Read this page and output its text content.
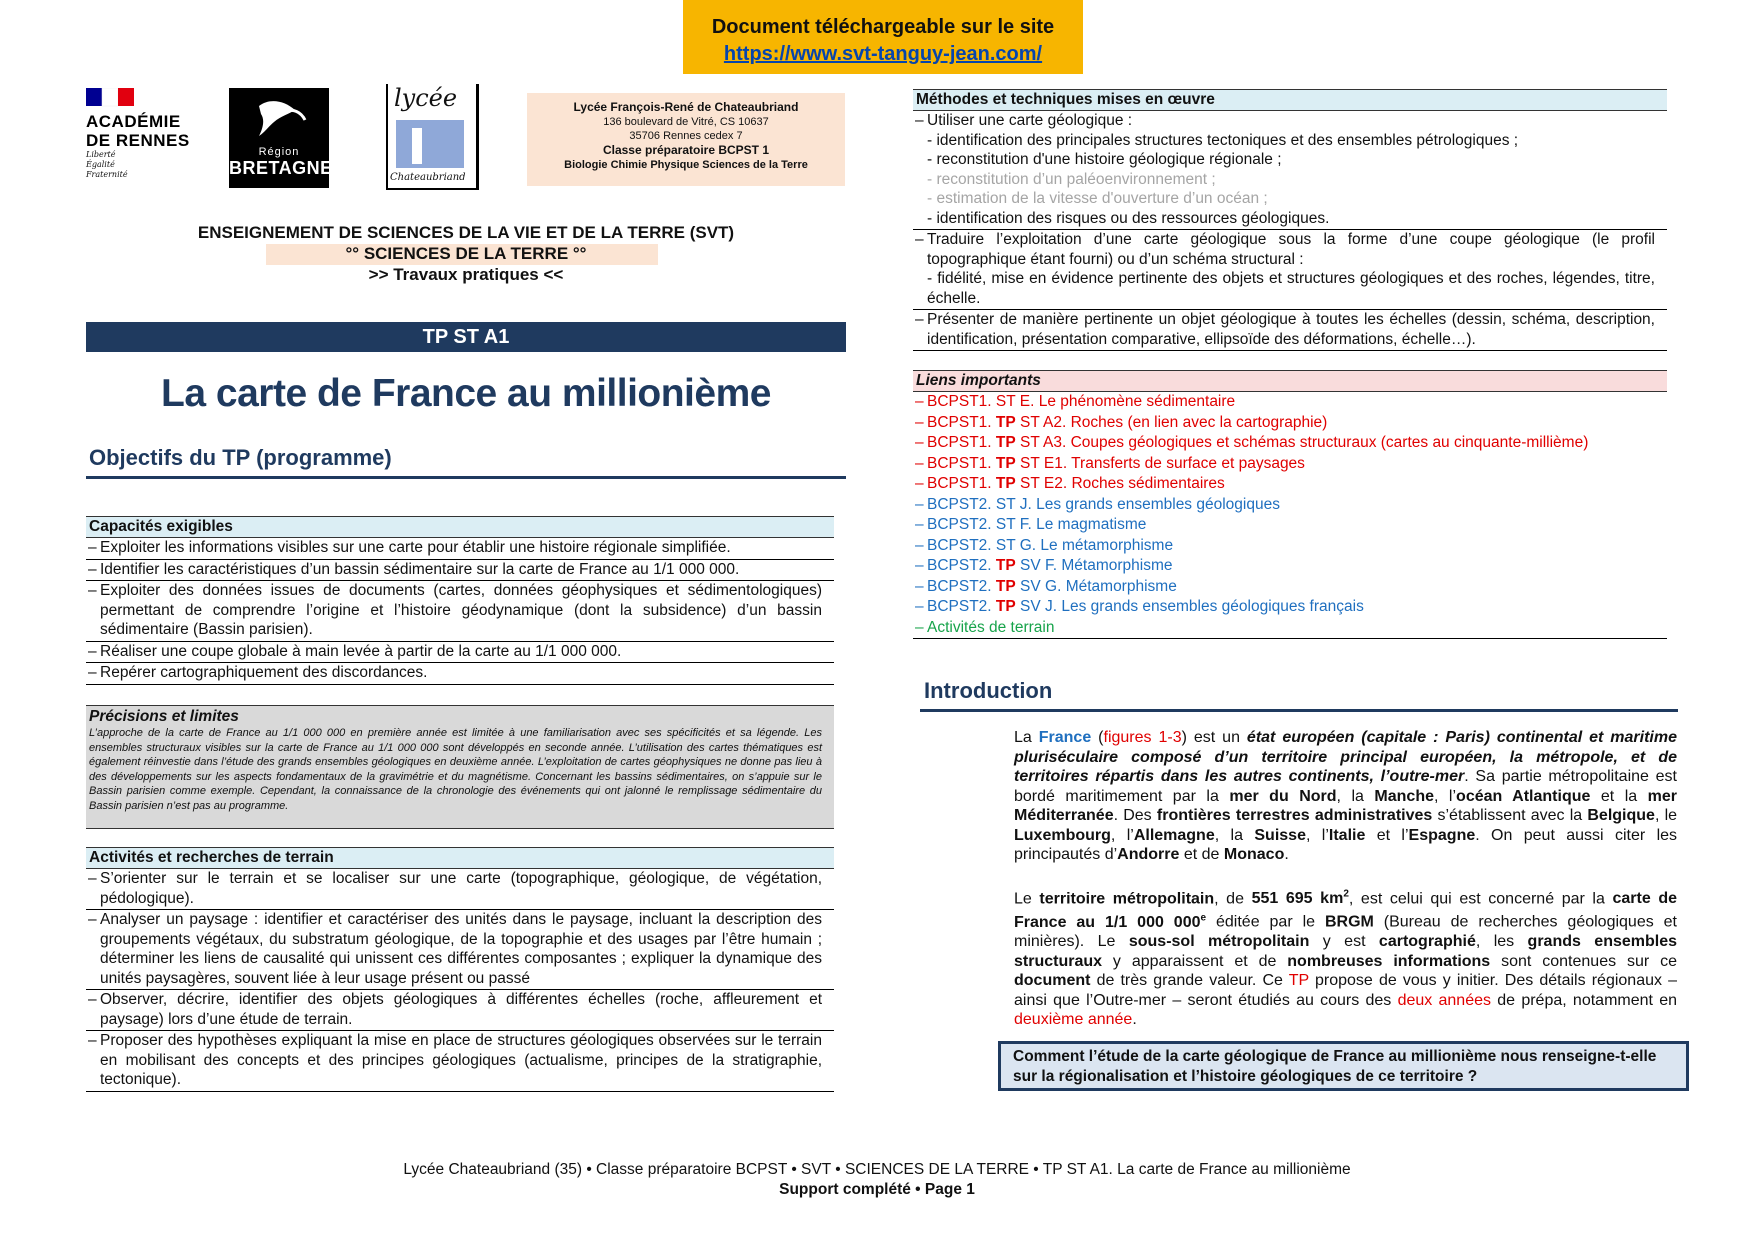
Document téléchargeable sur le site
https://www.svt-tanguy-jean.com/
ACADÉMIE
DE RENNES
Liberté
Égalité
Fraternité
Région
BRETAGNE
lycée
Chateaubriand
Lycée François-René de Chateaubriand
136 boulevard de Vitré, CS 10637
35706 Rennes cedex 7
Classe préparatoire BCPST 1
Biologie Chimie Physique Sciences de la Terre
ENSEIGNEMENT DE SCIENCES DE LA VIE ET DE LA TERRE (SVT)
°° SCIENCES DE LA TERRE °°
>> Travaux pratiques <<
TP ST A1
La carte de France au millionième
Objectifs du TP (programme)
Capacités exigibles
– Exploiter les informations visibles sur une carte pour établir une histoire régionale simplifiée.
– Identifier les caractéristiques d’un bassin sédimentaire sur la carte de France au 1/1 000 000.
– Exploiter des données issues de documents (cartes, données géophysiques et sédimentologiques) permettant de comprendre l’origine et l’histoire géodynamique (dont la subsidence) d’un bassin sédimentaire (Bassin parisien).
– Réaliser une coupe globale à main levée à partir de la carte au 1/1 000 000.
– Repérer cartographiquement des discordances.
Précisions et limites
L’approche de la carte de France au 1/1 000 000 en première année est limitée à une familiarisation avec ses spécificités et sa légende. Les ensembles structuraux visibles sur la carte de France au 1/1 000 000 sont développés en seconde année. L’utilisation des cartes thématiques est également réinvestie dans l’étude des grands ensembles géologiques en deuxième année. L’exploitation de cartes géophysiques ne donne pas lieu à des développements sur les aspects fondamentaux de la gravimétrie et du magnétisme. Concernant les bassins sédimentaires, on s’appuie sur le Bassin parisien comme exemple. Cependant, la connaissance de la chronologie des événements qui ont jalonné le remplissage sédimentaire du Bassin parisien n’est pas au programme.
Activités et recherches de terrain
– S’orienter sur le terrain et se localiser sur une carte (topographique, géologique, de végétation, pédologique).
– Analyser un paysage : identifier et caractériser des unités dans le paysage, incluant la description des groupements végétaux, du substratum géologique, de la topographie et des usages par l’être humain ; déterminer les liens de causalité qui unissent ces différentes composantes ; expliquer la dynamique des unités paysagères, souvent liée à leur usage présent ou passé
– Observer, décrire, identifier des objets géologiques à différentes échelles (roche, affleurement et paysage) lors d’une étude de terrain.
– Proposer des hypothèses expliquant la mise en place de structures géologiques observées sur le terrain en mobilisant des concepts et des principes géologiques (actualisme, principes de la stratigraphie, tectonique).
Méthodes et techniques mises en œuvre
– Utiliser une carte géologique :
- identification des principales structures tectoniques et des ensembles pétrologiques ;
- reconstitution d'une histoire géologique régionale ;
- reconstitution d’un paléoenvironnement ;
- estimation de la vitesse d'ouverture d’un océan ;
- identification des risques ou des ressources géologiques.
– Traduire l’exploitation d’une carte géologique sous la forme d’une coupe géologique (le profil topographique étant fourni) ou d’un schéma structural :
- fidélité, mise en évidence pertinente des objets et structures géologiques et des roches, légendes, titre, échelle.
– Présenter de manière pertinente un objet géologique à toutes les échelles (dessin, schéma, description, identification, présentation comparative, ellipsoïde des déformations, échelle…).
Liens importants
– BCPST1. ST E. Le phénomène sédimentaire
– BCPST1. TP ST A2. Roches (en lien avec la cartographie)
– BCPST1. TP ST A3. Coupes géologiques et schémas structuraux (cartes au cinquante-millième)
– BCPST1. TP ST E1. Transferts de surface et paysages
– BCPST1. TP ST E2. Roches sédimentaires
– BCPST2. ST J. Les grands ensembles géologiques
– BCPST2. ST F. Le magmatisme
– BCPST2. ST G. Le métamorphisme
– BCPST2. TP SV F. Métamorphisme
– BCPST2. TP SV G. Métamorphisme
– BCPST2. TP SV J. Les grands ensembles géologiques français
– Activités de terrain
Introduction

La France (figures 1-3) est un état européen (capitale : Paris) continental et maritime pluriséculaire composé d’un territoire principal européen, la métropole, et de territoires répartis dans les autres continents, l’outre-mer. Sa partie métropolitaine est bordé maritimement par la mer du Nord, la Manche, l’océan Atlantique et la mer Méditerranée. Des frontières terrestres administratives s’établissent avec la Belgique, le Luxembourg, l’Allemagne, la Suisse, l’Italie et l’Espagne. On peut aussi citer les principautés d’Andorre et de Monaco.

Le territoire métropolitain, de 551 695 $km^2$, est celui qui est concerné par la carte de France au 1/1 000 000e éditée par le BRGM (Bureau de recherches géologiques et minières). Le sous-sol métropolitain y est cartographié, les grands ensembles structuraux y apparaissent et de nombreuses informations sont contenues sur ce document de très grande valeur. Ce TP propose de vous y initier. Des détails régionaux – ainsi que l’Outre-mer – seront étudiés au cours des deux années de prépa, notamment en deuxième année.

Comment l’étude de la carte géologique de France au millionième nous renseigne-t-elle sur la régionalisation et l’histoire géologiques de ce territoire ?
Lycée Chateaubriand (35) • Classe préparatoire BCPST • SVT • SCIENCES DE LA TERRE • TP ST A1. La carte de France au millionième
Support complété • Page 1
